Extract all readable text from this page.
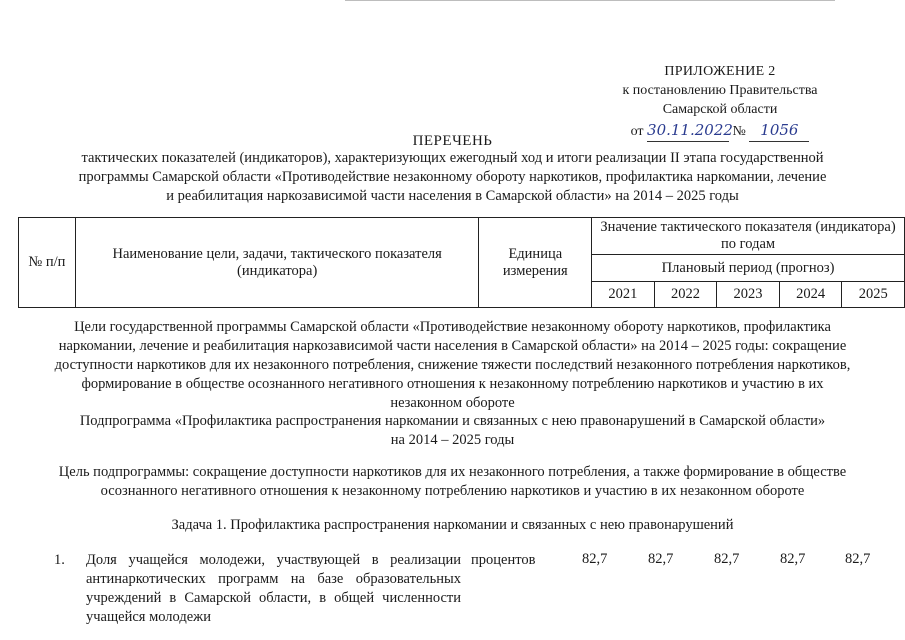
ПРИЛОЖЕНИЕ 2
к постановлению Правительства
Самарской области
от 30.11.2022 № 1056
ПЕРЕЧЕНЬ
тактических показателей (индикаторов), характеризующих ежегодный ход и итоги реализации II этапа государственной
программы Самарской области «Противодействие незаконному обороту наркотиков, профилактика наркомании, лечение
и реабилитация наркозависимой части населения в Самарской области» на 2014 – 2025 годы
№ п/п	Наименование цели, задачи, тактического показателя (индикатора)	Единица измерения	Значение тактического показателя (индикатора) по годам				
			Плановый период (прогноз)				
			2021	2022	2023	2024	2025
Цели государственной программы Самарской области «Противодействие незаконному обороту наркотиков, профилактика
наркомании, лечение и реабилитация наркозависимой части населения в Самарской области» на 2014 – 2025 годы: сокращение
доступности наркотиков для их незаконного потребления, снижение тяжести последствий незаконного потребления наркотиков,
формирование в обществе осознанного негативного отношения к незаконному потреблению наркотиков и участию в их
незаконном обороте
Подпрограмма «Профилактика распространения наркомании и связанных с нею правонарушений в Самарской области»
на 2014 – 2025 годы
Цель подпрограммы: сокращение доступности наркотиков для их незаконного потребления, а также формирование в обществе
осознанного негативного отношения к незаконному потреблению наркотиков и участию в их незаконном обороте
Задача 1. Профилактика распространения наркомании и связанных с нею правонарушений
1. Доля учащейся молодежи, участвующей в реализации
антинаркотических программ на базе образовательных
учреждений в Самарской области, в общей численности
учащейся молодежи
процентов	82,7	82,7	82,7	82,7	82,7
